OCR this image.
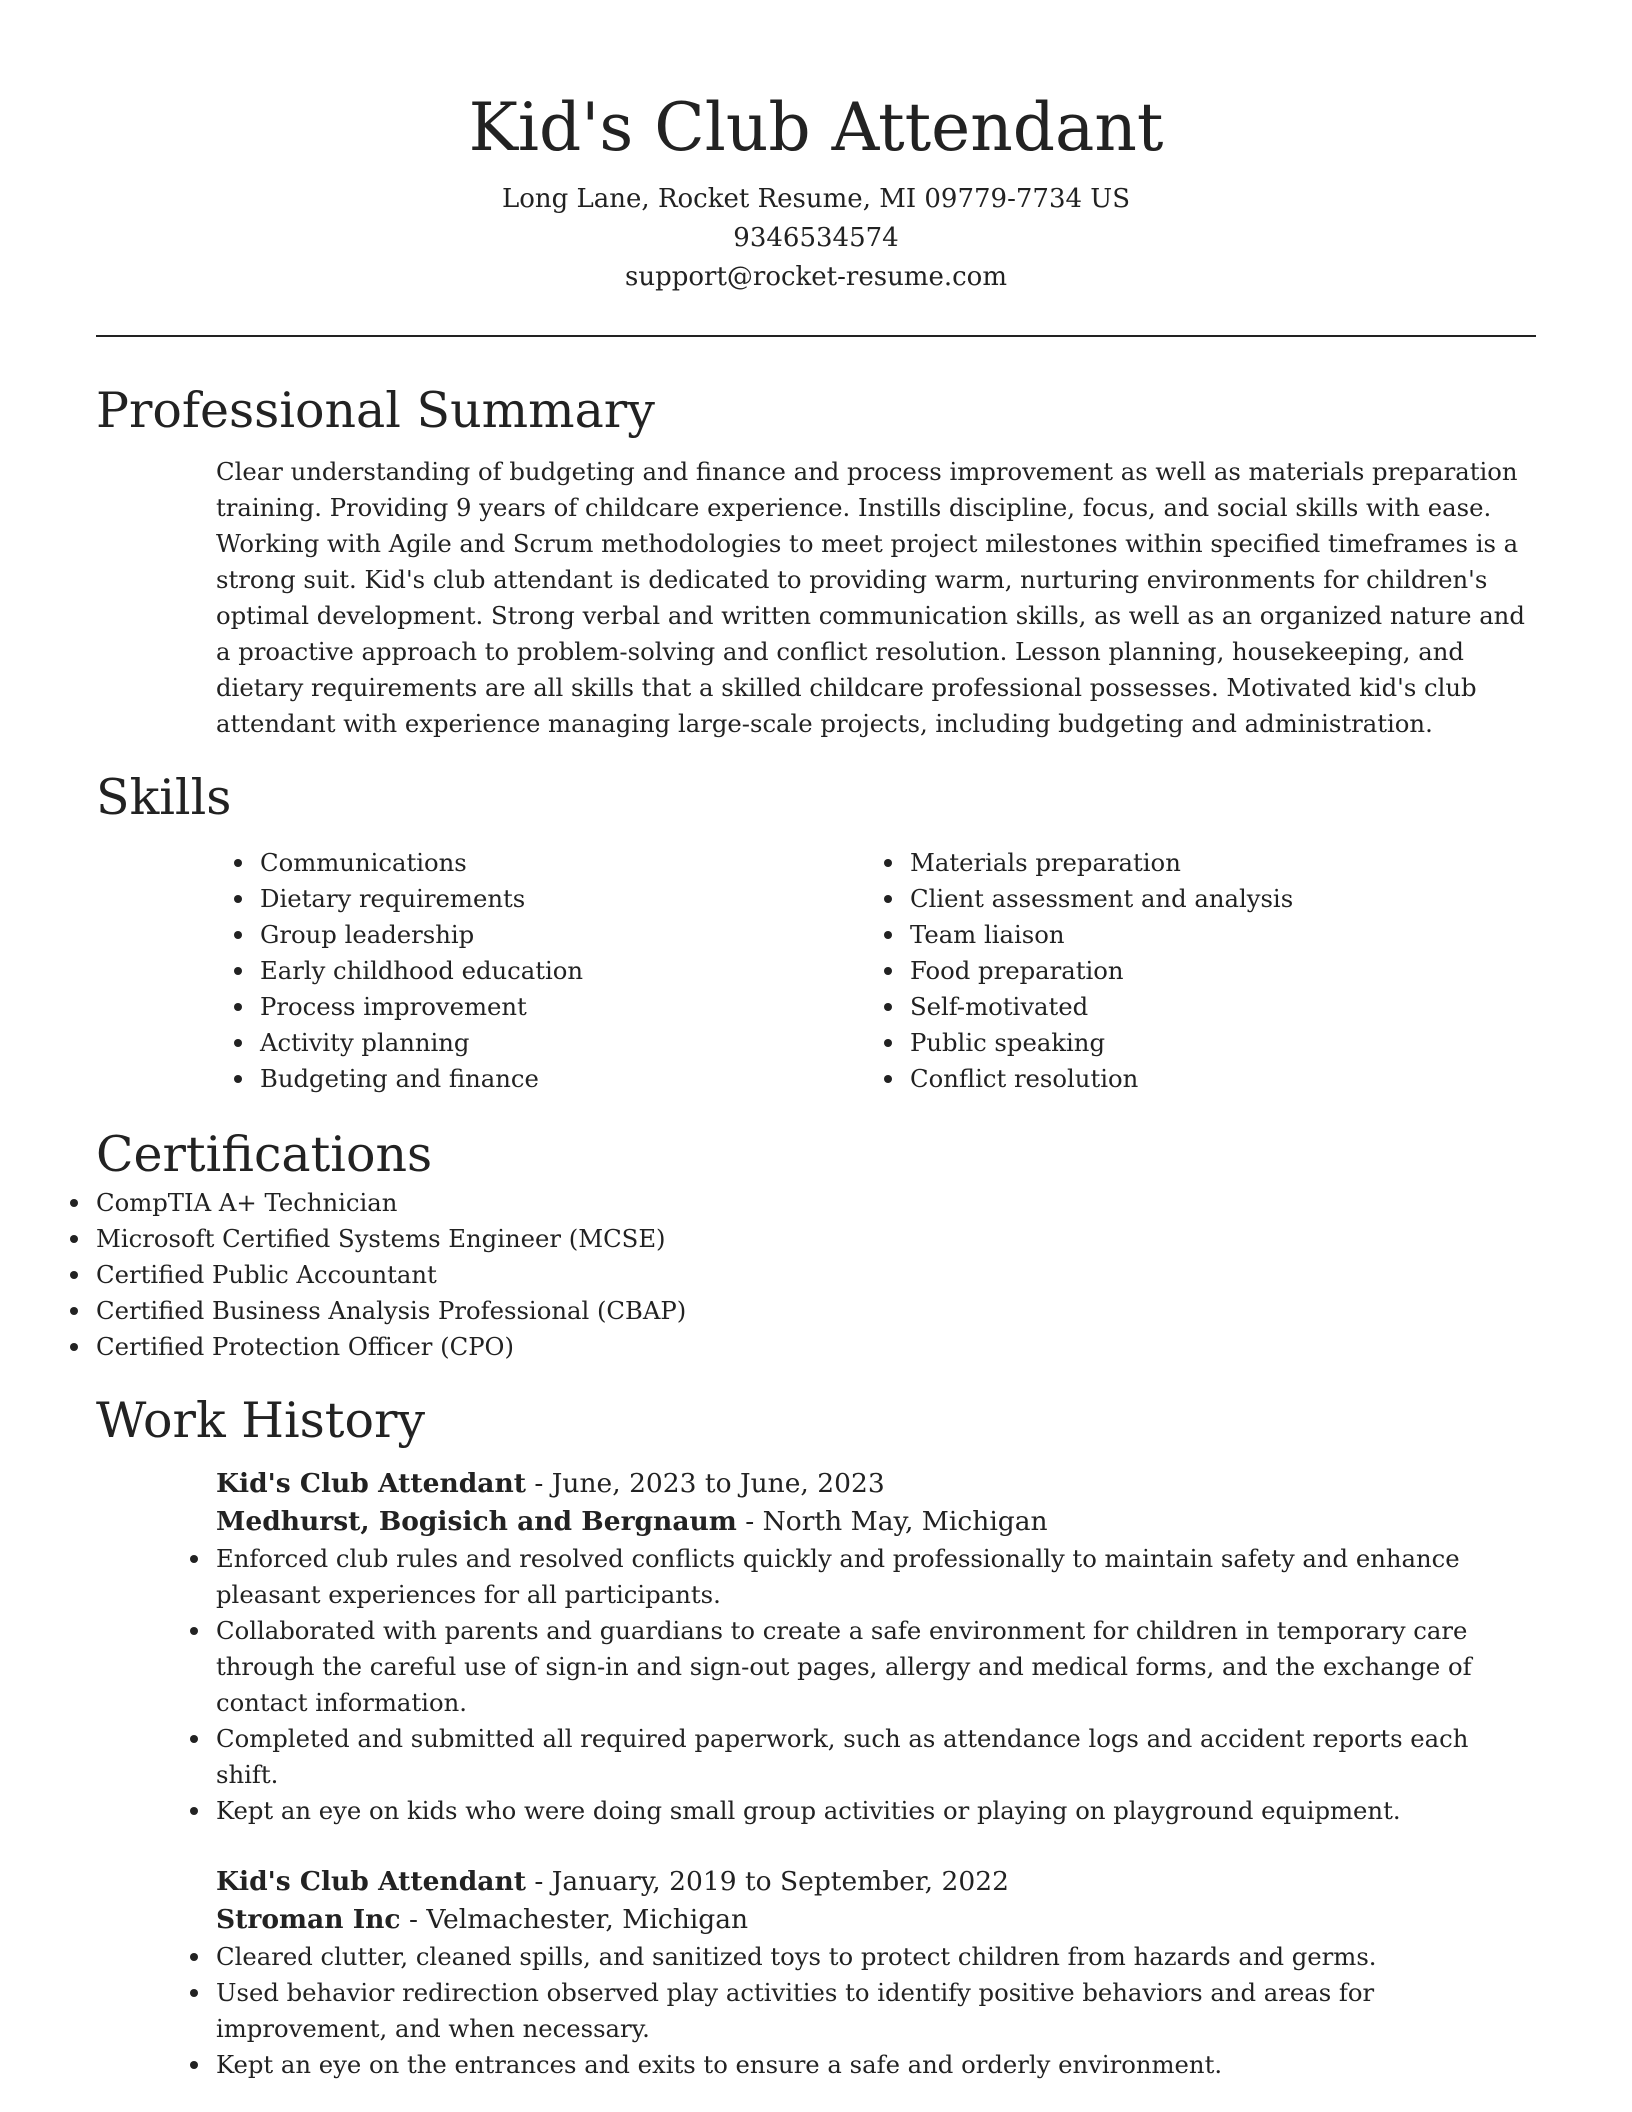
Kid's Club Attendant
Long Lane, Rocket Resume, MI 09779-7734 US
9346534574
support@rocket-resume.com
Professional Summary
Clear understanding of budgeting and finance and process improvement as well as materials preparation training. Providing 9 years of childcare experience. Instills discipline, focus, and social skills with ease. Working with Agile and Scrum methodologies to meet project milestones within specified timeframes is a strong suit. Kid's club attendant is dedicated to providing warm, nurturing environments for children's optimal development. Strong verbal and written communication skills, as well as an organized nature and a proactive approach to problem-solving and conflict resolution. Lesson planning, housekeeping, and dietary requirements are all skills that a skilled childcare professional possesses. Motivated kid's club attendant with experience managing large-scale projects, including budgeting and administration.
Skills
Communications
Dietary requirements
Group leadership
Early childhood education
Process improvement
Activity planning
Budgeting and finance
Materials preparation
Client assessment and analysis
Team liaison
Food preparation
Self-motivated
Public speaking
Conflict resolution
Certifications
CompTIA A+ Technician
Microsoft Certified Systems Engineer (MCSE)
Certified Public Accountant
Certified Business Analysis Professional (CBAP)
Certified Protection Officer (CPO)
Work History
Kid's Club Attendant - June, 2023 to June, 2023
Medhurst, Bogisich and Bergnaum - North May, Michigan
Enforced club rules and resolved conflicts quickly and professionally to maintain safety and enhance pleasant experiences for all participants.
Collaborated with parents and guardians to create a safe environment for children in temporary care through the careful use of sign-in and sign-out pages, allergy and medical forms, and the exchange of contact information.
Completed and submitted all required paperwork, such as attendance logs and accident reports each shift.
Kept an eye on kids who were doing small group activities or playing on playground equipment.
Kid's Club Attendant - January, 2019 to September, 2022
Stroman Inc - Velmachester, Michigan
Cleared clutter, cleaned spills, and sanitized toys to protect children from hazards and germs.
Used behavior redirection observed play activities to identify positive behaviors and areas for improvement, and when necessary.
Kept an eye on the entrances and exits to ensure a safe and orderly environment.
